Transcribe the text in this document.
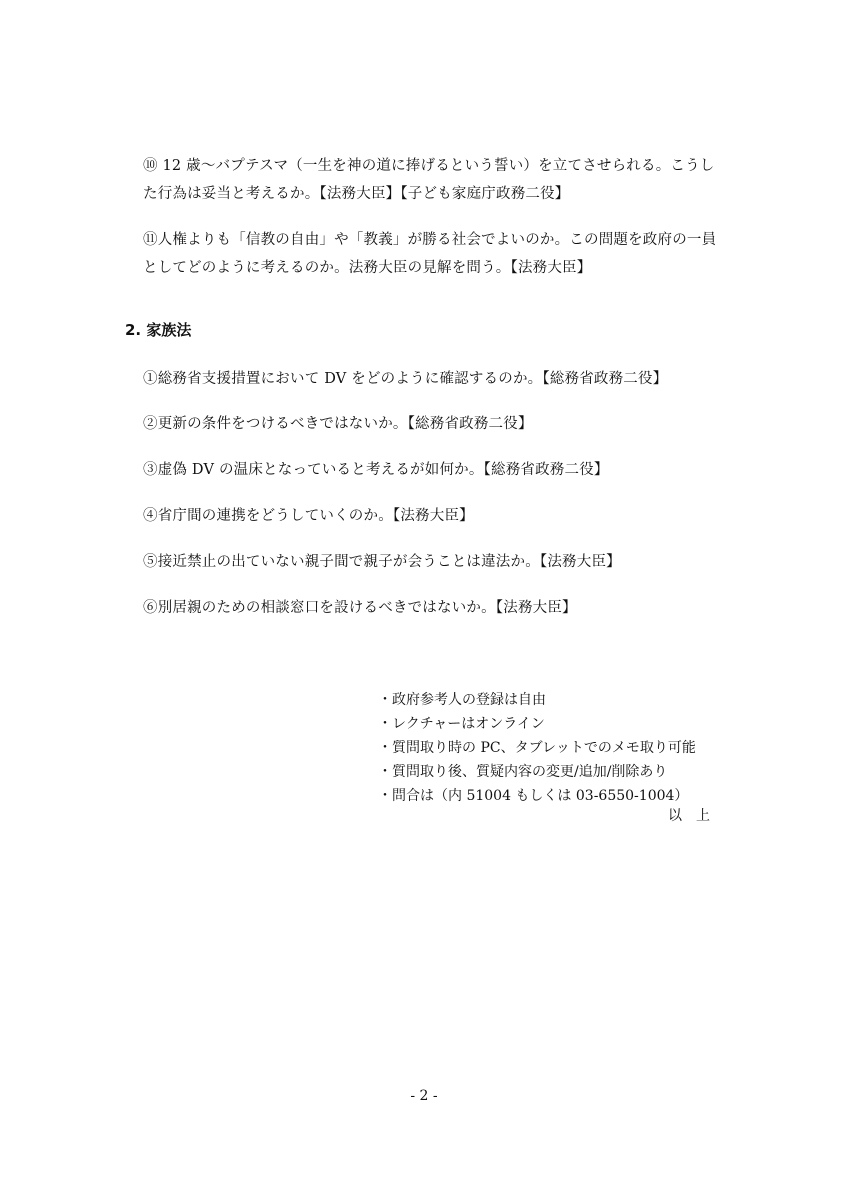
⑩ 12 歳〜バプテスマ（一生を神の道に捧げるという誓い）を立てさせられる。こうし
た行為は妥当と考えるか。【法務大臣】【子ども家庭庁政務二役】
⑪人権よりも「信教の自由」や「教義」が勝る社会でよいのか。この問題を政府の一員
としてどのように考えるのか。法務大臣の見解を問う。【法務大臣】
2. 家族法
①総務省支援措置において DV をどのように確認するのか。【総務省政務二役】
②更新の条件をつけるべきではないか。【総務省政務二役】
③虚偽 DV の温床となっていると考えるが如何か。【総務省政務二役】
④省庁間の連携をどうしていくのか。【法務大臣】
⑤接近禁止の出ていない親子間で親子が会うことは違法か。【法務大臣】
⑥別居親のための相談窓口を設けるべきではないか。【法務大臣】
・政府参考人の登録は自由
・レクチャーはオンライン
・質問取り時の PC、タブレットでのメモ取り可能
・質問取り後、質疑内容の変更/追加/削除あり
・問合は（内 51004 もしくは 03-6550-1004）
以上
- 2 -
